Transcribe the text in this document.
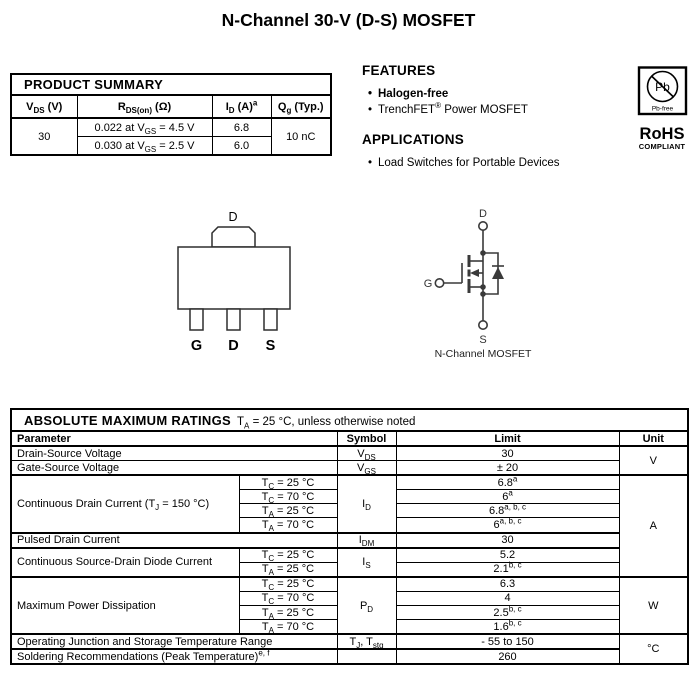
N-Channel 30-V (D-S) MOSFET
PRODUCT SUMMARY			
$V_{DS}$ (V)	$R_{DS(on)}$ (Ω)	$I_D$ $(A)^a$	$Q_g$ (Typ.)
30	0.022 at $V_{GS} = 4.5$ V	6.8	10 nC
	0.030 at $V_{GS} = 2.5$ V	6.0	
FEATURES
• Halogen-free
• TrenchFET® Power MOSFET
APPLICATIONS
• Load Switches for Portable Devices
Pb
Pb-free
RoHS
COMPLIANT
D
G D S
D
G
S
N-Channel MOSFET
ABSOLUTE MAXIMUM RATINGS $T_A = 25$ °C, unless otherwise noted				
Parameter		Symbol	Limit	Unit
Drain-Source Voltage		$V_{DS}$	30	V
Gate-Source Voltage		$V_{GS}$	± 20	
Continuous Drain Current ($T_J = 150$ °C)	$T_C = 25$ °C	$I_D$	6.8$^a$	A
	$T_C = 70$ °C		6$^a$
	$T_A = 25$ °C		6.8$^{a, b, c}$
	$T_A = 70$ °C		6$^{a, b, c}$
Pulsed Drain Current		$I_{DM}$	30	
Continuous Source-Drain Diode Current	$T_C = 25$ °C	$I_S$	5.2	
	$T_A = 25$ °C		2.1$^{b, c}$
Maximum Power Dissipation	$T_C = 25$ °C	$P_D$	6.3	W
	$T_C = 70$ °C		4	
	$T_A = 25$ °C		2.5$^{b, c}$
	$T_A = 70$ °C		1.6$^{b, c}$
Operating Junction and Storage Temperature Range		$T_J$, $T_{stg}$	- 55 to 150	°C
Soldering Recommendations (Peak Temperature)$^{e, f}$			260	
